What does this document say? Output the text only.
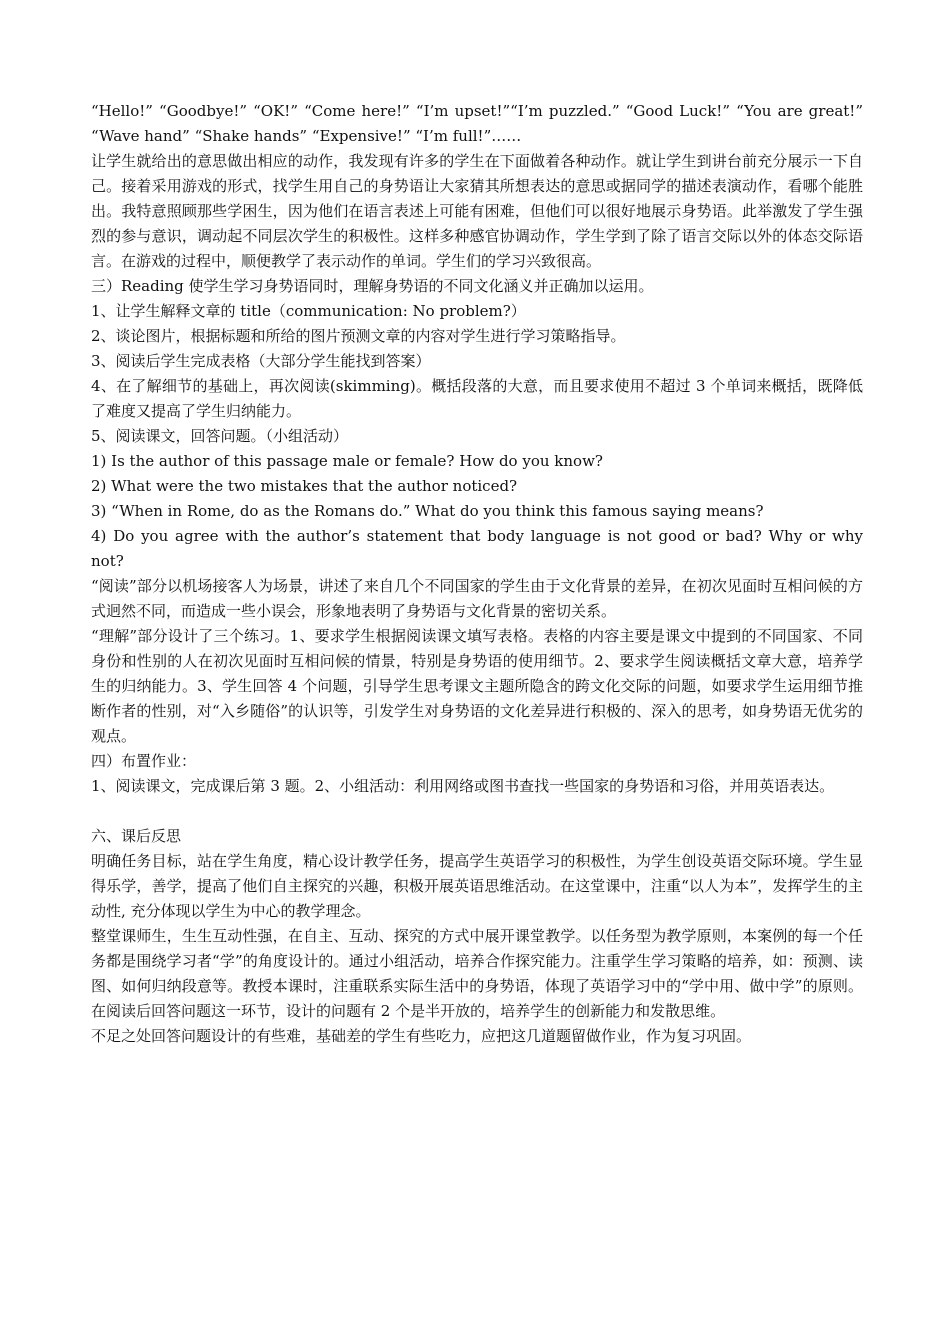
“Hello!” “Goodbye!” “OK!” “Come here!” “I’m upset!”“I’m puzzled.” “Good Luck!” “You are great!” “Wave hand” “Shake hands” “Expensive!” “I’m full!”……

让学生就给出的意思做出相应的动作，我发现有许多的学生在下面做着各种动作。就让学生到讲台前充分展示一下自己。接着采用游戏的形式，找学生用自己的身势语让大家猜其所想表达的意思或据同学的描述表演动作，看哪个能胜出。我特意照顾那些学困生，因为他们在语言表述上可能有困难，但他们可以很好地展示身势语。此举激发了学生强烈的参与意识，调动起不同层次学生的积极性。这样多种感官协调动作，学生学到了除了语言交际以外的体态交际语言。在游戏的过程中，顺便教学了表示动作的单词。学生们的学习兴致很高。

三）Reading 使学生学习身势语同时，理解身势语的不同文化涵义并正确加以运用。

1、让学生解释文章的 title（communication: No problem?）

2、谈论图片，根据标题和所给的图片预测文章的内容对学生进行学习策略指导。

3、阅读后学生完成表格（大部分学生能找到答案）

4、在了解细节的基础上，再次阅读(skimming)。概括段落的大意，而且要求使用不超过 3 个单词来概括，既降低了难度又提高了学生归纳能力。

5、阅读课文，回答问题。（小组活动）

1) Is the author of this passage male or female? How do you know?

2) What were the two mistakes that the author noticed?

3) “When in Rome, do as the Romans do.” What do you think this famous saying means?

4) Do you agree with the author’s statement that body language is not good or bad? Why or why not?

“阅读”部分以机场接客人为场景，讲述了来自几个不同国家的学生由于文化背景的差异，在初次见面时互相问候的方式迥然不同，而造成一些小误会，形象地表明了身势语与文化背景的密切关系。

“理解”部分设计了三个练习。1、要求学生根据阅读课文填写表格。表格的内容主要是课文中提到的不同国家、不同身份和性别的人在初次见面时互相问候的情景，特别是身势语的使用细节。2、要求学生阅读概括文章大意，培养学生的归纳能力。3、学生回答 4 个问题，引导学生思考课文主题所隐含的跨文化交际的问题，如要求学生运用细节推断作者的性别，对“入乡随俗”的认识等，引发学生对身势语的文化差异进行积极的、深入的思考，如身势语无优劣的观点。

四）布置作业：

1、阅读课文，完成课后第 3 题。2、小组活动：利用网络或图书查找一些国家的身势语和习俗，并用英语表达。

六、课后反思

明确任务目标，站在学生角度，精心设计教学任务，提高学生英语学习的积极性，为学生创设英语交际环境。学生显得乐学，善学，提高了他们自主探究的兴趣，积极开展英语思维活动。在这堂课中，注重“以人为本”，发挥学生的主动性, 充分体现以学生为中心的教学理念。

整堂课师生，生生互动性强，在自主、互动、探究的方式中展开课堂教学。以任务型为教学原则，本案例的每一个任务都是围绕学习者“学”的角度设计的。通过小组活动，培养合作探究能力。注重学生学习策略的培养，如：预测、读图、如何归纳段意等。教授本课时，注重联系实际生活中的身势语，体现了英语学习中的“学中用、做中学”的原则。在阅读后回答问题这一环节，设计的问题有 2 个是半开放的，培养学生的创新能力和发散思维。

不足之处回答问题设计的有些难，基础差的学生有些吃力，应把这几道题留做作业，作为复习巩固。
